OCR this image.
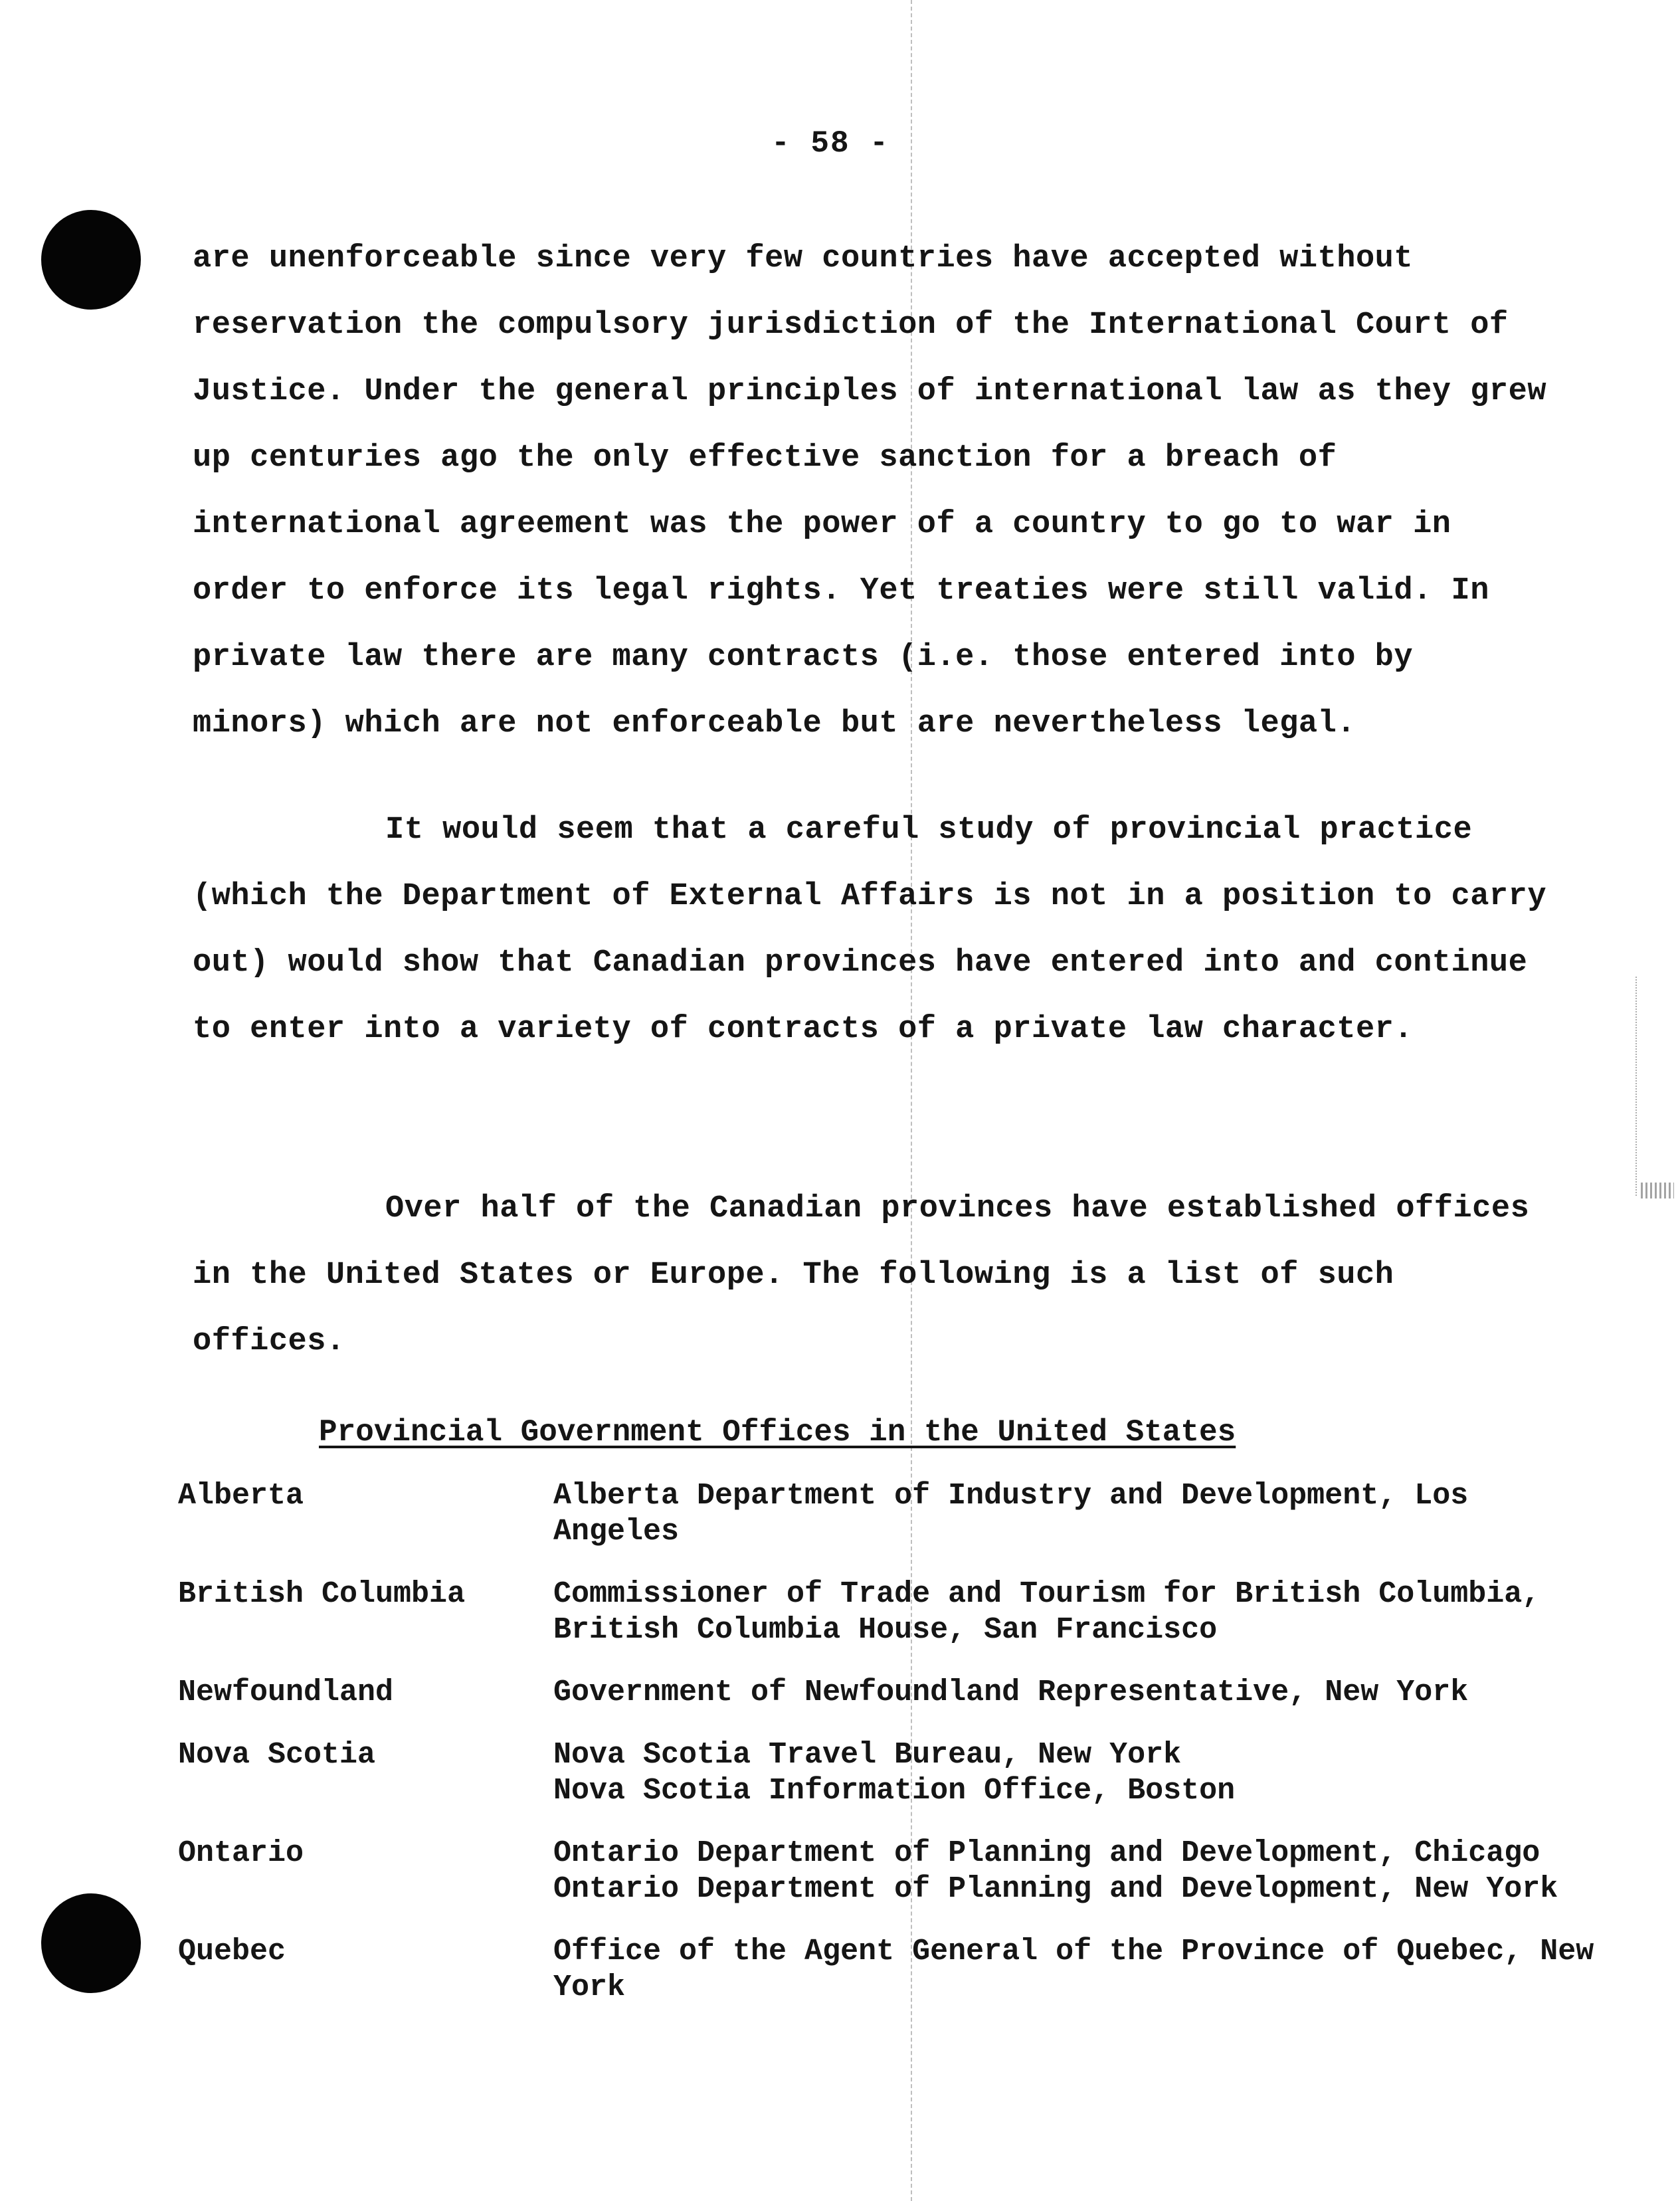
- 58 -

are unenforceable since very few countries have accepted without reservation the compulsory jurisdiction of the International Court of Justice. Under the general principles of international law as they grew up centuries ago the only effective sanction for a breach of international agreement was the power of a country to go to war in order to enforce its legal rights. Yet treaties were still valid. In private law there are many contracts (i.e. those entered into by minors) which are not enforceable but are nevertheless legal.

It would seem that a careful study of provincial practice (which the Department of External Affairs is not in a position to carry out) would show that Canadian provinces have entered into and continue to enter into a variety of contracts of a private law character.

Over half of the Canadian provinces have established offices in the United States or Europe. The following is a list of such offices.

Provincial Government Offices in the United States
Alberta	Alberta Department of Industry and Development, Los Angeles
British Columbia	Commissioner of Trade and Tourism for British Columbia, British Columbia House, San Francisco
Newfoundland	Government of Newfoundland Representative, New York
Nova Scotia	Nova Scotia Travel Bureau, New York
Nova Scotia Information Office, Boston
Ontario	Ontario Department of Planning and Development, Chicago
Ontario Department of Planning and Development, New York
Quebec	Office of the Agent General of the Province of Quebec, New York
